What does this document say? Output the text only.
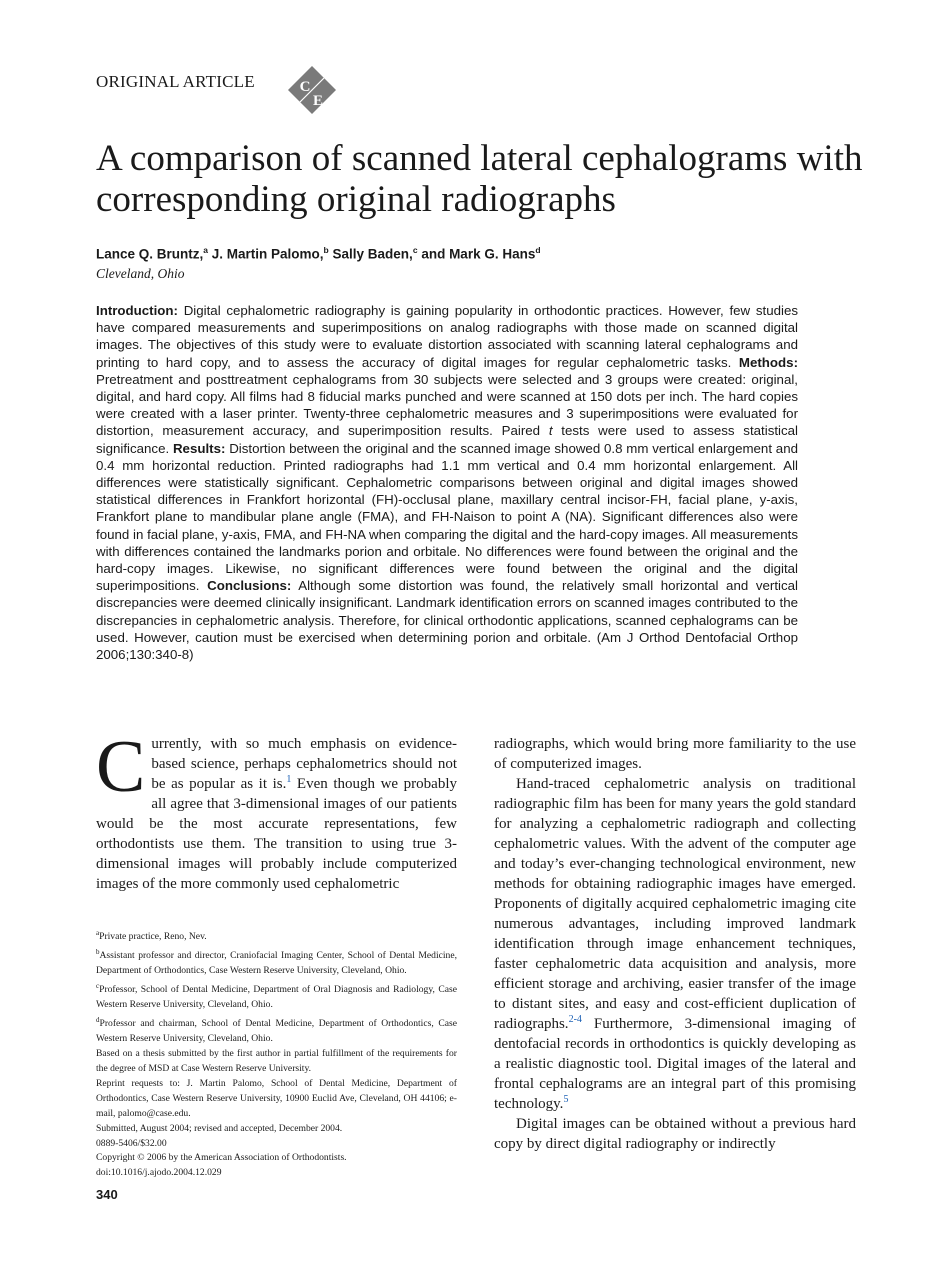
ORIGINAL ARTICLE	C
E
A comparison of scanned lateral cephalograms with corresponding original radiographs
Lance Q. Bruntz,$^a$ J. Martin Palomo,$^b$ Sally Baden,$^c$ and Mark G. Hans$^d$
Cleveland, Ohio

Introduction: Digital cephalometric radiography is gaining popularity in orthodontic practices. However, few studies have compared measurements and superimpositions on analog radiographs with those made on scanned digital images. The objectives of this study were to evaluate distortion associated with scanning lateral cephalograms and printing to hard copy, and to assess the accuracy of digital images for regular cephalometric tasks. Methods: Pretreatment and posttreatment cephalograms from 30 subjects were selected and 3 groups were created: original, digital, and hard copy. All films had 8 fiducial marks punched and were scanned at 150 dots per inch. The hard copies were created with a laser printer. Twenty-three cephalometric measures and 3 superimpositions were evaluated for distortion, measurement accuracy, and superimposition results. Paired t tests were used to assess statistical significance. Results: Distortion between the original and the scanned image showed 0.8 mm vertical enlargement and 0.4 mm horizontal reduction. Printed radiographs had 1.1 mm vertical and 0.4 mm horizontal enlargement. All differences were statistically significant. Cephalometric comparisons between original and digital images showed statistical differences in Frankfort horizontal (FH)-occlusal plane, maxillary central incisor-FH, facial plane, y-axis, Frankfort plane to mandibular plane angle (FMA), and FH-Naison to point A (NA). Significant differences also were found in facial plane, y-axis, FMA, and FH-NA when comparing the digital and the hard-copy images. All measurements with differences contained the landmarks porion and orbitale. No differences were found between the original and the hard-copy images. Likewise, no significant differences were found between the original and the digital superimpositions. Conclusions: Although some distortion was found, the relatively small horizontal and vertical discrepancies were deemed clinically insignificant. Landmark identification errors on scanned images contributed to the discrepancies in cephalometric analysis. Therefore, for clinical orthodontic applications, scanned cephalograms can be used. However, caution must be exercised when determining porion and orbitale. (Am J Orthod Dentofacial Orthop 2006;130:340-8)

Currently, with so much emphasis on evidence-based science, perhaps cephalometrics should not be as popular as it is.$^1$ Even though we probably all agree that 3-dimensional images of our patients would be the most accurate representations, few orthodontists use them. The transition to using true 3-dimensional images will probably include computerized images of the more commonly used cephalometric

$^a$Private practice, Reno, Nev.

$^b$Assistant professor and director, Craniofacial Imaging Center, School of Dental Medicine, Department of Orthodontics, Case Western Reserve University, Cleveland, Ohio.

$^c$Professor, School of Dental Medicine, Department of Oral Diagnosis and Radiology, Case Western Reserve University, Cleveland, Ohio.

$^d$Professor and chairman, School of Dental Medicine, Department of Orthodontics, Case Western Reserve University, Cleveland, Ohio.

Based on a thesis submitted by the first author in partial fulfillment of the requirements for the degree of MSD at Case Western Reserve University.

Reprint requests to: J. Martin Palomo, School of Dental Medicine, Department of Orthodontics, Case Western Reserve University, 10900 Euclid Ave, Cleveland, OH 44106; e-mail, palomo@case.edu.

Submitted, August 2004; revised and accepted, December 2004.

0889-5406/$32.00

Copyright © 2006 by the American Association of Orthodontists.

doi:10.1016/j.ajodo.2004.12.029

radiographs, which would bring more familiarity to the use of computerized images.

Hand-traced cephalometric analysis on traditional radiographic film has been for many years the gold standard for analyzing a cephalometric radiograph and collecting cephalometric values. With the advent of the computer age and today’s ever-changing technological environment, new methods for obtaining radiographic images have emerged. Proponents of digitally acquired cephalometric imaging cite numerous advantages, including improved landmark identification through image enhancement techniques, faster cephalometric data acquisition and analysis, more efficient storage and archiving, easier transfer of the image to distant sites, and easy and cost-efficient duplication of radiographs.$^{2-4}$ Furthermore, 3-dimensional imaging of dentofacial records in orthodontics is quickly developing as a realistic diagnostic tool. Digital images of the lateral and frontal cephalograms are an integral part of this promising technology.$^5$

Digital images can be obtained without a previous hard copy by direct digital radiography or indirectly

340
